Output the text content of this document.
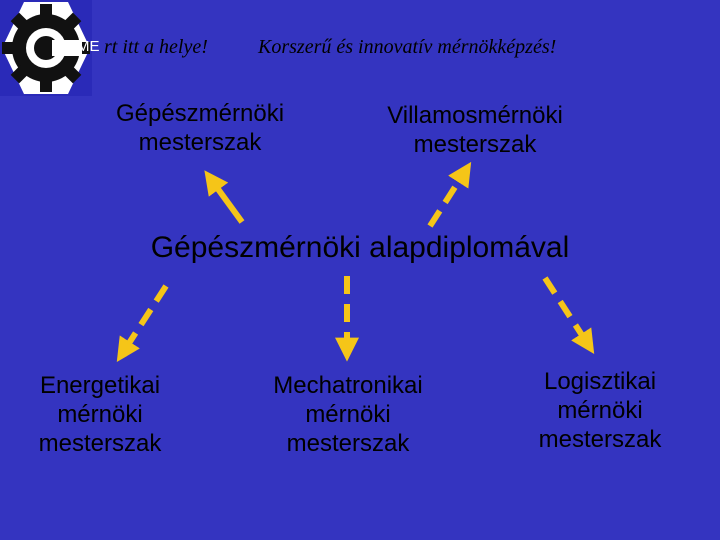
ME rt itt a helye!	Korszerű és innovatív mérnökképzés!
Gépészmérnöki
mesterszak
Villamosmérnöki
mesterszak
Gépészmérnöki alapdiplomával
Energetikai
mérnöki
mesterszak
Mechatronikai
mérnöki
mesterszak
Logisztikai
mérnöki
mesterszak
